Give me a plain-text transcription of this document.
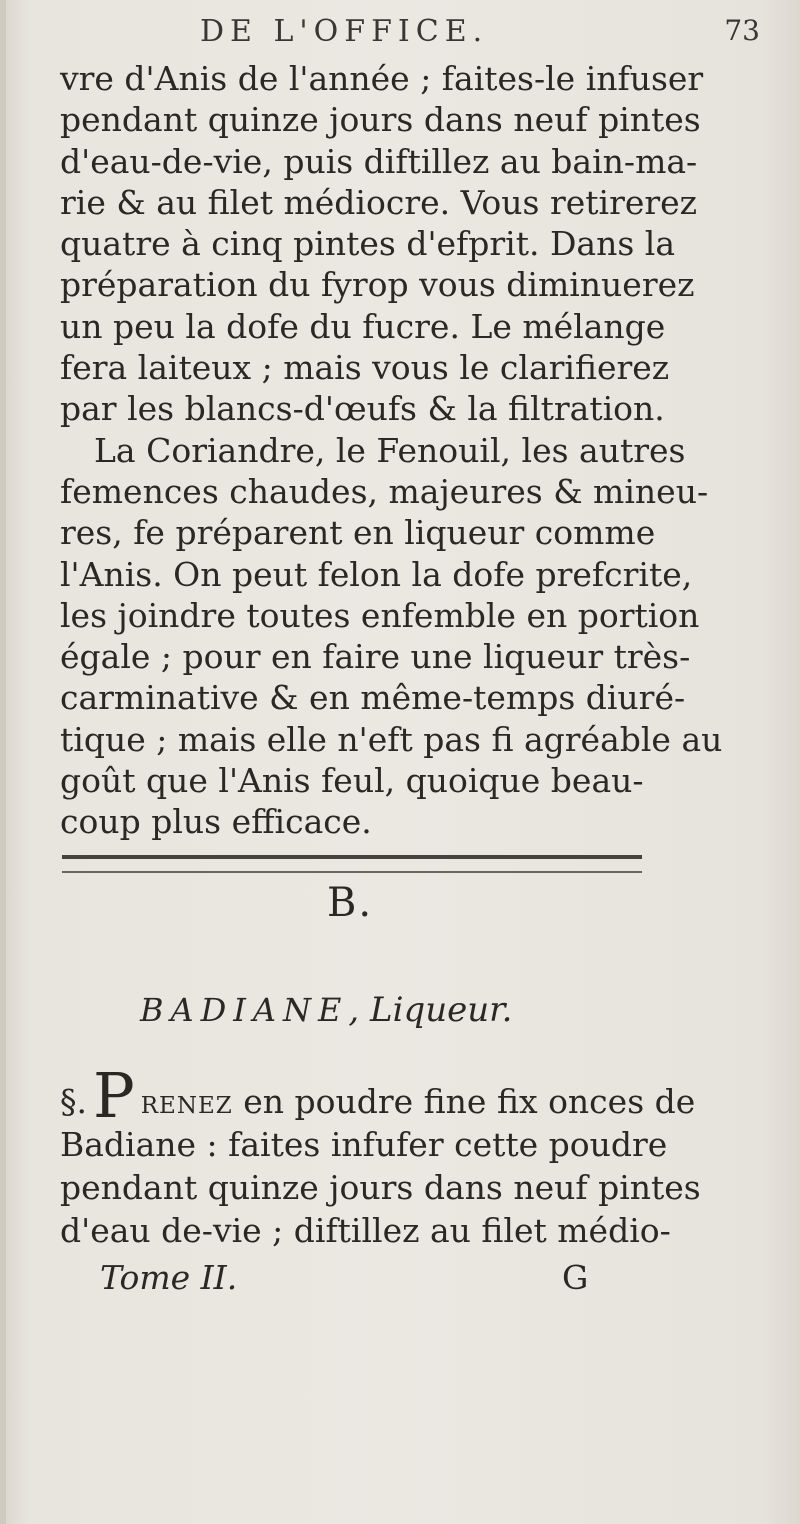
DE L'OFFICE.	73
vre d'Anis de l'année ; faites-le infuser
pendant quinze jours dans neuf pintes
d'eau-de-vie, puis diftillez au bain-ma-
rie & au filet médiocre. Vous retirerez
quatre à cinq pintes d'efprit. Dans la
préparation du fyrop vous diminuerez
un peu la dofe du fucre. Le mélange
fera laiteux ; mais vous le clarifierez
par les blancs-d'œufs & la filtration.
La Coriandre, le Fenouil, les autres
femences chaudes, majeures & mineu-
res, fe préparent en liqueur comme
l'Anis. On peut felon la dofe prefcrite,
les joindre toutes enfemble en portion
égale ; pour en faire une liqueur très-
carminative & en même-temps diuré-
tique ; mais elle n'eft pas fi agréable au
goût que l'Anis feul, quoique beau-
coup plus efficace.
B.
BADIANE, Liqueur.
§.P renez en poudre fine fix onces de
Badiane : faites infufer cette poudre
pendant quinze jours dans neuf pintes
d'eau de-vie ; diftillez au filet médio-
Tome II.	G
